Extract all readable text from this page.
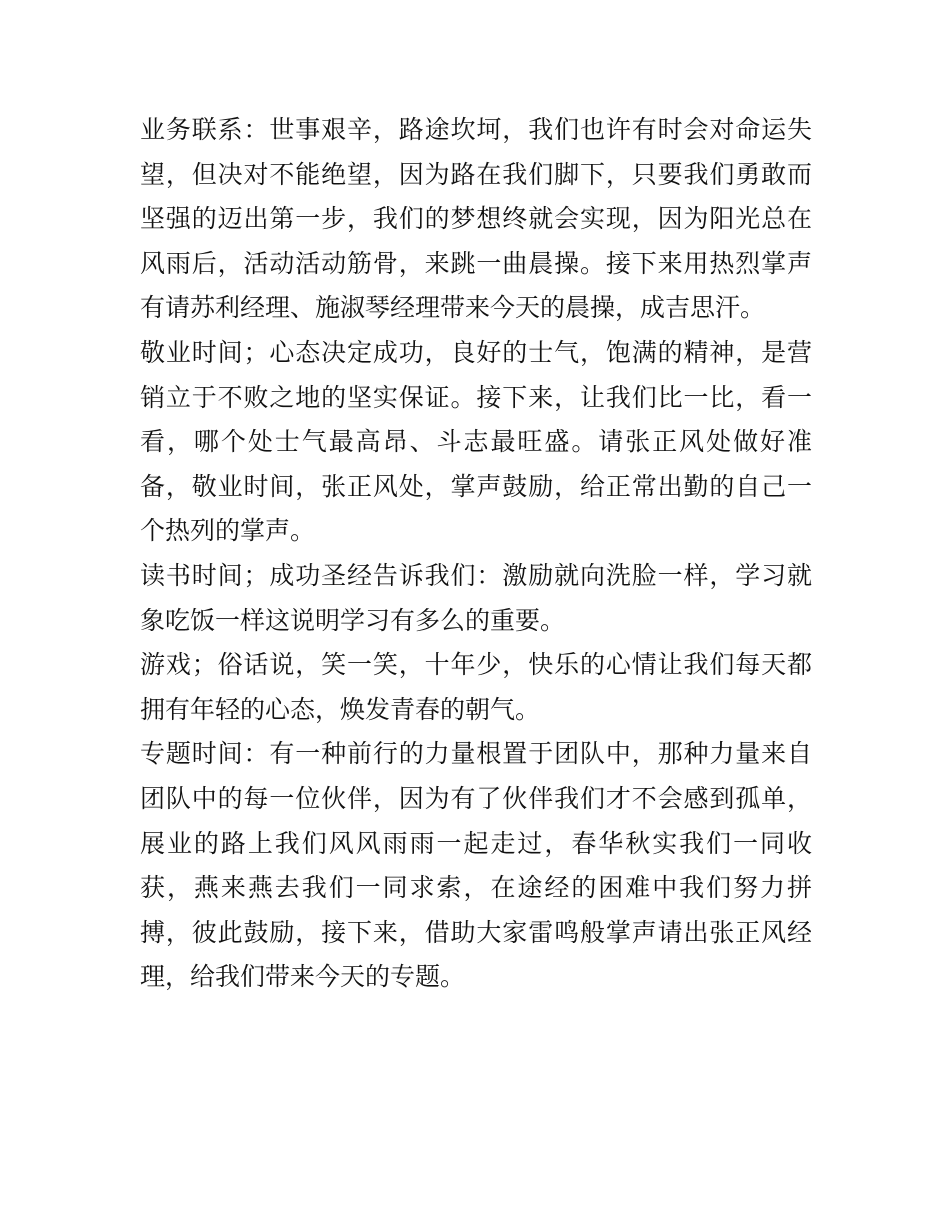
业务联系：世事艰辛，路途坎坷，我们也许有时会对命运失望，但决对不能绝望，因为路在我们脚下，只要我们勇敢而坚强的迈出第一步，我们的梦想终就会实现，因为阳光总在风雨后，活动活动筋骨，来跳一曲晨操。接下来用热烈掌声有请苏利经理、施淑琴经理带来今天的晨操，成吉思汗。

敬业时间；心态决定成功，良好的士气，饱满的精神，是营销立于不败之地的坚实保证。接下来，让我们比一比，看一看，哪个处士气最高昂、斗志最旺盛。请张正风处做好准备，敬业时间，张正风处，掌声鼓励，给正常出勤的自己一个热列的掌声。

读书时间；成功圣经告诉我们：激励就向洗脸一样，学习就象吃饭一样这说明学习有多么的重要。

游戏；俗话说，笑一笑，十年少，快乐的心情让我们每天都拥有年轻的心态，焕发青春的朝气。

专题时间：有一种前行的力量根置于团队中，那种力量来自团队中的每一位伙伴，因为有了伙伴我们才不会感到孤单，展业的路上我们风风雨雨一起走过，春华秋实我们一同收获，燕来燕去我们一同求索，在途经的困难中我们努力拼搏，彼此鼓励，接下来，借助大家雷鸣般掌声请出张正风经理，给我们带来今天的专题。
